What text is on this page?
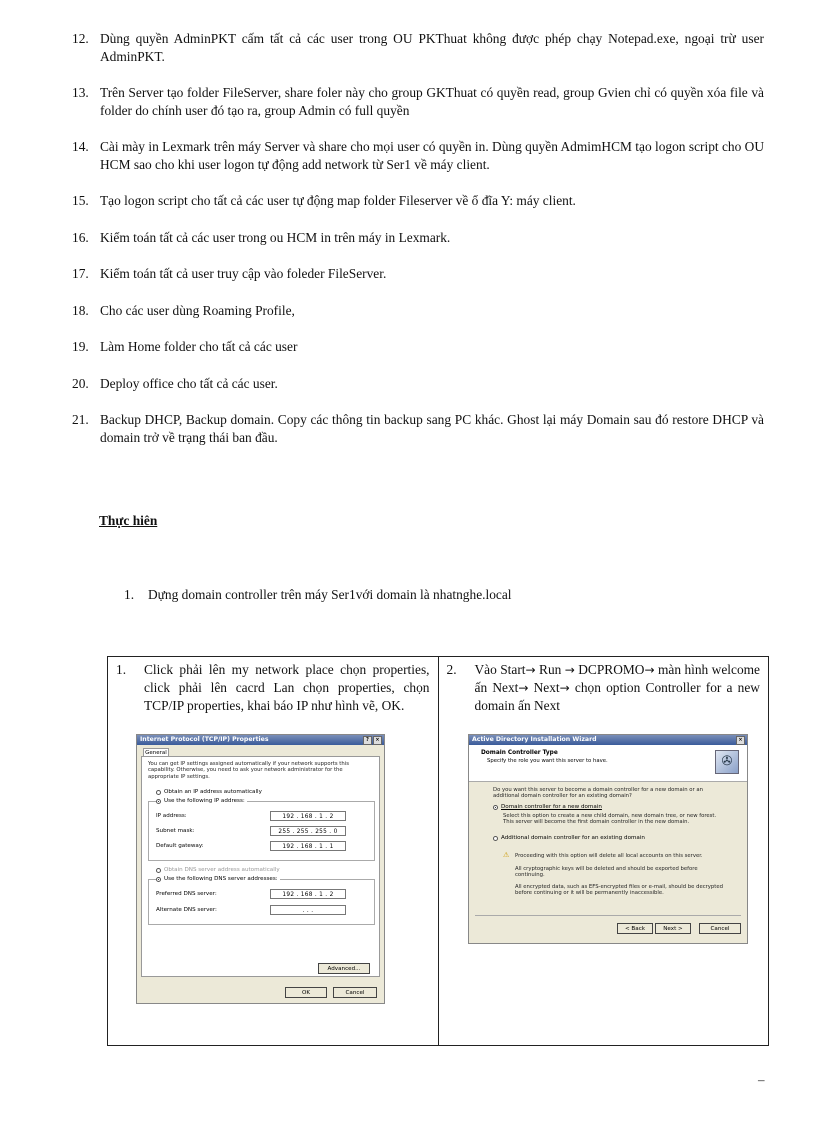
12. Dùng quyền AdminPKT cấm tất cả các user trong OU PKThuat không được phép chạy Notepad.exe, ngoại trừ user AdminPKT.
13. Trên Server tạo folder FileServer, share foler này cho group GKThuat có quyền read, group Gvien chỉ có quyền xóa file và folder do chính user đó tạo ra, group Admin có full quyền
14. Cài mày in Lexmark trên máy Server và share cho mọi user có quyền in. Dùng quyền AdmimHCM tạo logon script cho OU HCM sao cho khi user logon tự động add network từ Ser1 về máy client.
15. Tạo logon script cho tất cả các user tự động map folder Fileserver về ổ đĩa Y: máy client.
16. Kiểm toán tất cả các user trong ou HCM in trên máy in Lexmark.
17. Kiểm toán tất cả user truy cập vào foleder FileServer.
18. Cho các user dùng Roaming Profile,
19. Làm Home folder cho tất cả các user
20. Deploy office cho tất cả các user.
21. Backup DHCP, Backup domain. Copy các thông tin backup sang PC khác. Ghost lại máy Domain sau đó restore DHCP và domain trở về trạng thái ban đầu.
Thực hiên
1. Dựng domain controller trên máy Ser1với domain là nhatnghe.local
1. Click phải lên my network place chọn properties, click phải lên cacrd Lan chọn properties, chọn TCP/IP properties, khai báo IP như hình vẽ, OK.

2. Vào Start→ Run → DCPROMO→ màn hình welcome ấn Next→ Next→ chọn option Controller for a new domain ấn Next
Internet Protocol (TCP/IP) Properties	?	×
General
You can get IP settings assigned automatically if your network supports this capability. Otherwise, you need to ask your network administrator for the appropriate IP settings.
Obtain an IP address automatically
Use the following IP address:
IP address:	192 . 168 . 1 . 2
Subnet mask:	255 . 255 . 255 . 0
Default gateway:	192 . 168 . 1 . 1
Obtain DNS server address automatically
Use the following DNS server addresses:
Preferred DNS server:	192 . 168 . 1 . 2
Alternate DNS server:	. . .
Advanced...
OK	Cancel
Active Directory Installation Wizard	×
Domain Controller Type
Specify the role you want this server to have.	✇
Do you want this server to become a domain controller for a new domain or an additional domain controller for an existing domain?
Domain controller for a new domain
Select this option to create a new child domain, new domain tree, or new forest. This server will become the first domain controller in the new domain.
Additional domain controller for an existing domain
⚠ Proceeding with this option will delete all local accounts on this server.
All cryptographic keys will be deleted and should be exported before continuing.
All encrypted data, such as EFS-encrypted files or e-mail, should be decrypted before continuing or it will be permanently inaccessible.
< Back	Next >	Cancel
–
